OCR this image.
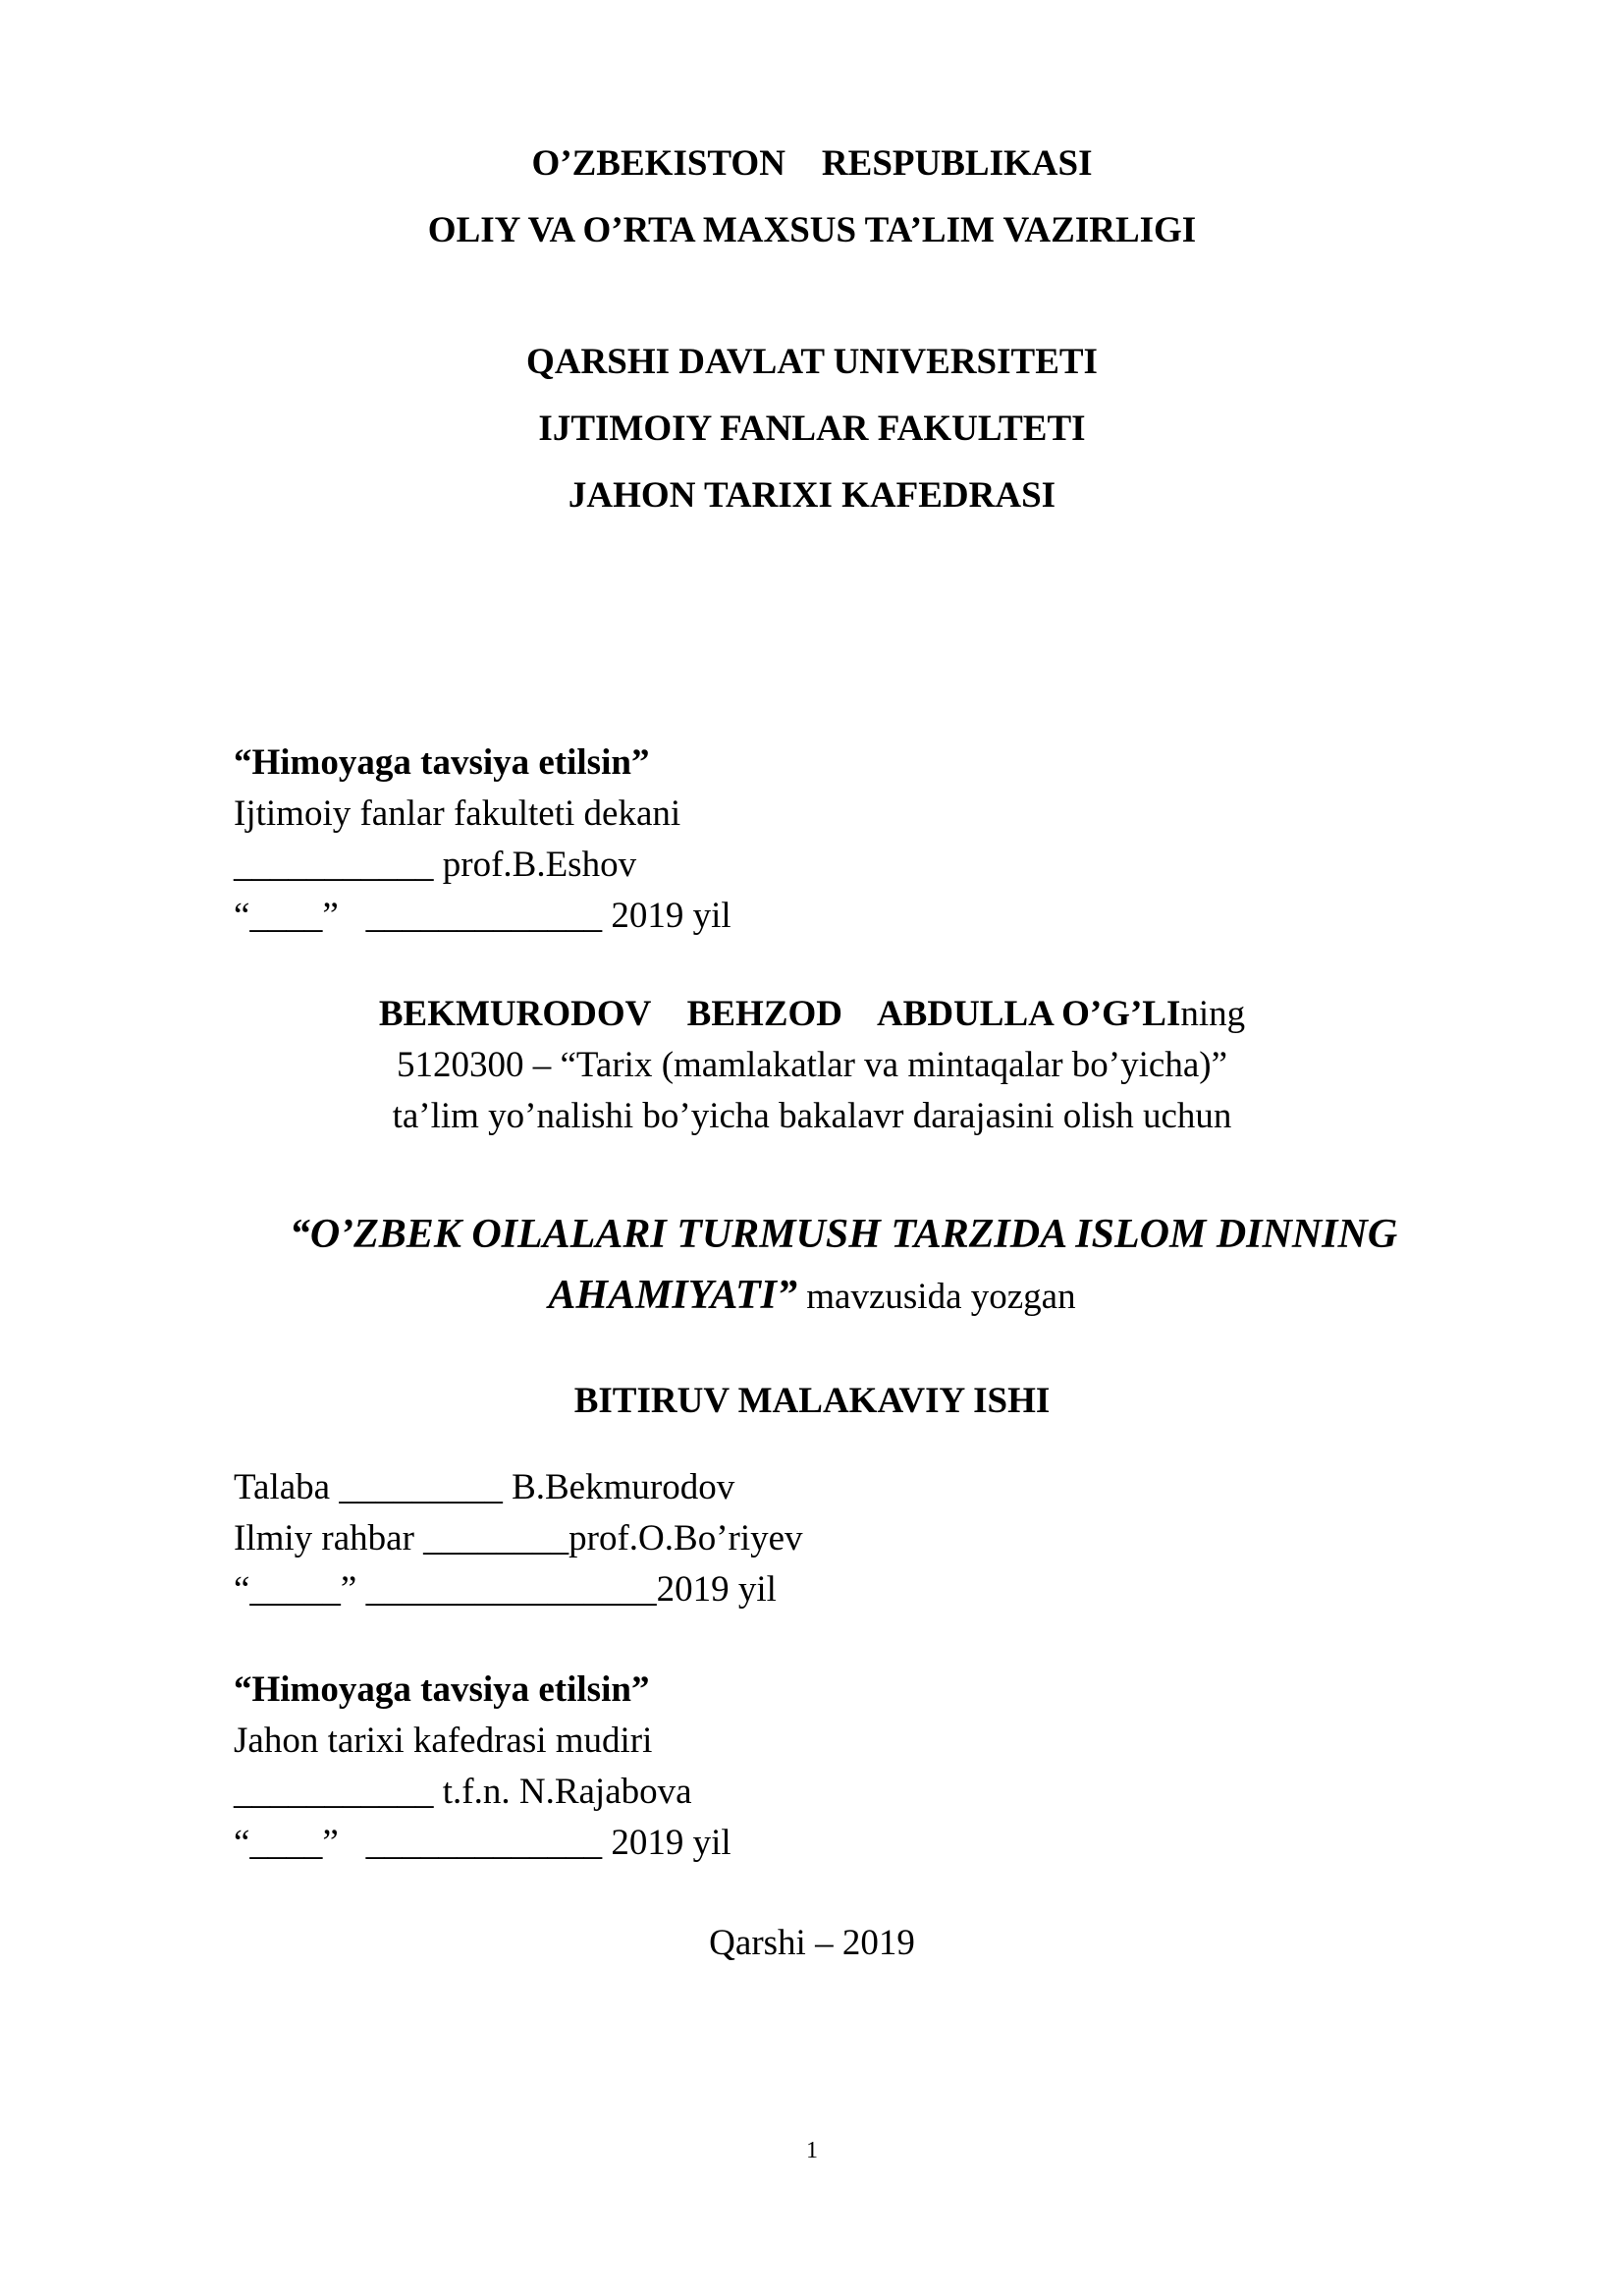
O’ZBEKISTON    RESPUBLIKASI
OLIY VA O’RTA MAXSUS TA’LIM VAZIRLIGI
QARSHI DAVLAT UNIVERSITETI
IJTIMOIY FANLAR FAKULTETI
JAHON TARIXI KAFEDRASI
“Himoyaga tavsiya etilsin”
Ijtimoiy fanlar fakulteti dekani
___________ prof.B.Eshov
“____”   _____________ 2019 yil
BEKMURODOV    BEHZOD    ABDULLA O’G’LIning
5120300 – “Tarix (mamlakatlar va mintaqalar bo’yicha)”
ta’lim yo’nalishi bo’yicha bakalavr darajasini olish uchun
“O’ZBEK OILALARI TURMUSH TARZIDA ISLOM DINNING
AHAMIYATI” mavzusida yozgan
BITIRUV MALAKAVIY ISHI
Talaba _________ B.Bekmurodov
Ilmiy rahbar ________prof.O.Bo’riyev
“_____” ________________2019 yil
“Himoyaga tavsiya etilsin”
Jahon tarixi kafedrasi mudiri
___________ t.f.n. N.Rajabova
“____”   _____________ 2019 yil
Qarshi – 2019
1
